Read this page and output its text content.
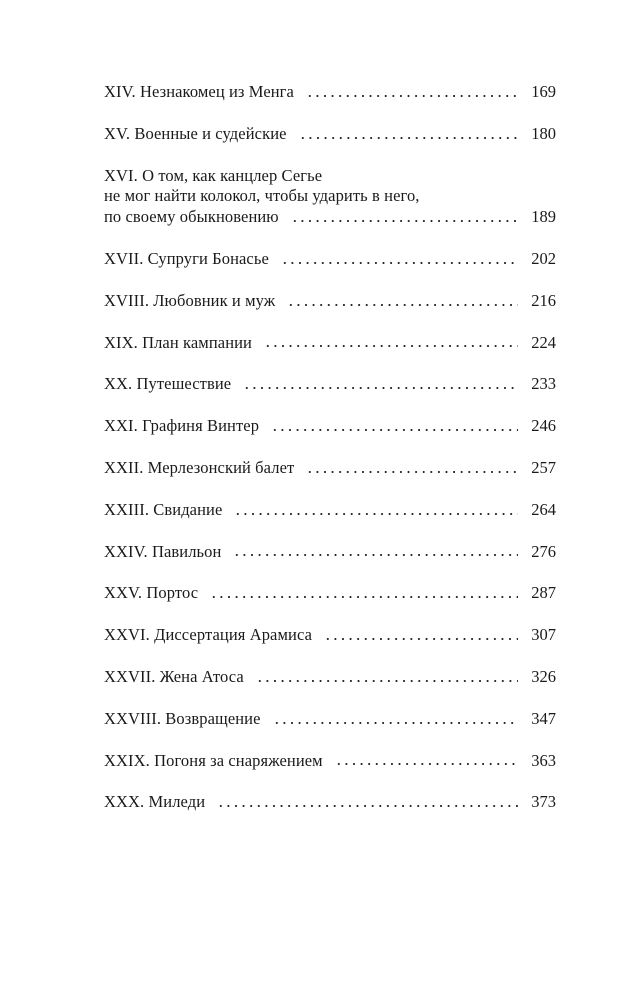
XIV. Незнакомец из Менга	169
XV. Военные и судейские	180
XVI. О том, как канцлер Сегье
не мог найти колокол, чтобы ударить в него,
по своему обыкновению	189
XVII. Супруги Бонасье	202
XVIII. Любовник и муж	216
XIX. План кампании	224
XX. Путешествие	233
XXI. Графиня Винтер	246
XXII. Мерлезонский балет	257
XXIII. Свидание	264
XXIV. Павильон	276
XXV. Портос	287
XXVI. Диссертация Арамиса	307
XXVII. Жена Атоса	326
XXVIII. Возвращение	347
XXIX. Погоня за снаряжением	363
XXX. Миледи	373
